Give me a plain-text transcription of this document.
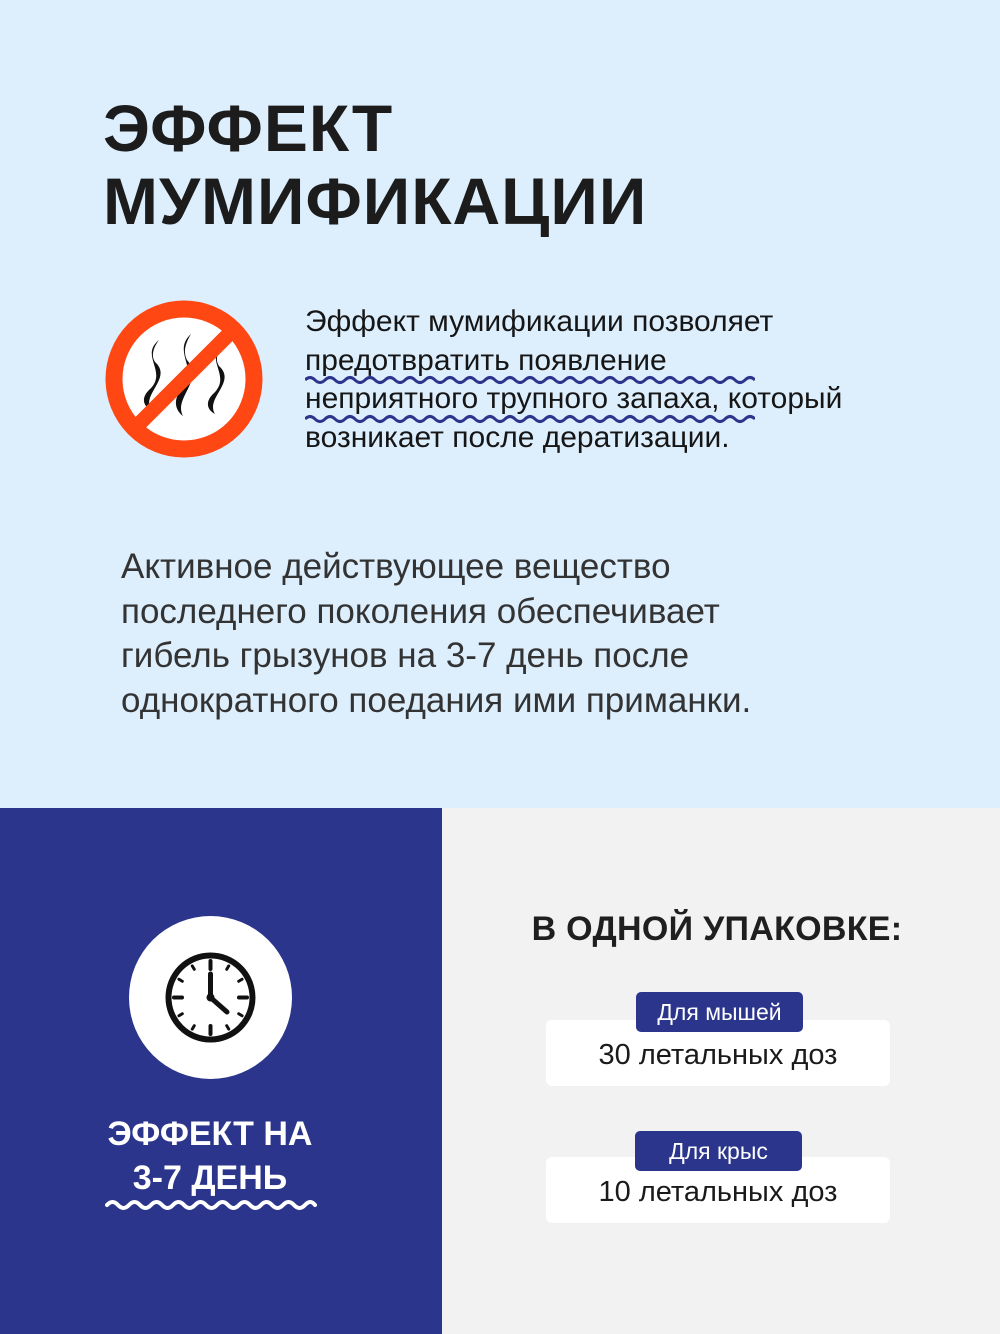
ЭФФЕКТ
МУМИФИКАЦИИ

Эффект мумификации позволяет
предотвратить появление
неприятного трупного запаха, который
возникает после дератизации.

Активное действующее вещество
последнего поколения обеспечивает
гибель грызунов на 3-7 день после
однократного поедания ими приманки.

ЭФФЕКТ НА
3-7 ДЕНЬ

В ОДНОЙ УПАКОВКЕ:
30 летальных доз
Для мышей
10 летальных доз
Для крыс
